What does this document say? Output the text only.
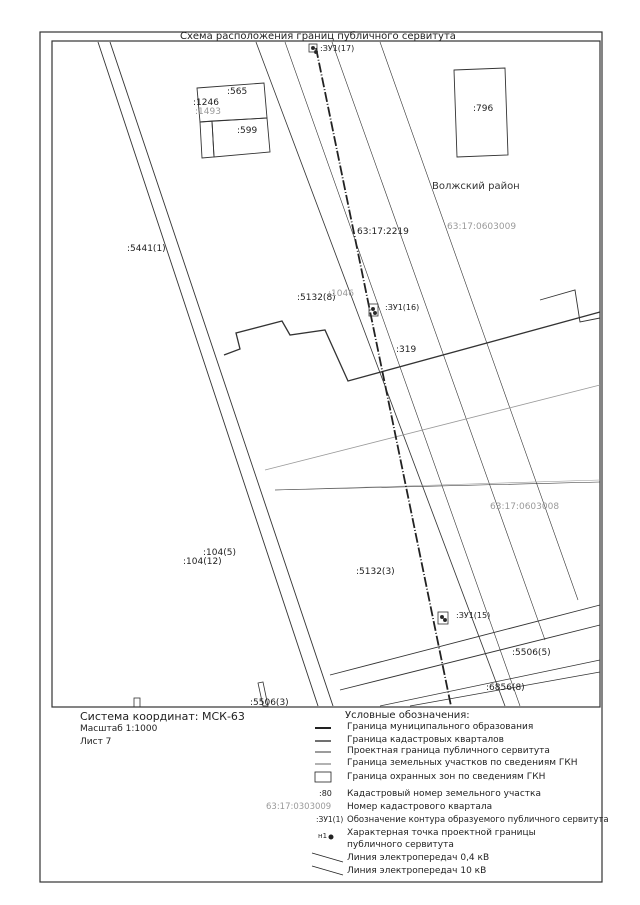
Схема расположения границ публичного сервитута
Волжский район
63:17:0603009
63:17:0603008
:565
:1246
:1493
:599
:796
:5441(1)
63:17:2219
:5132(8)
:1046
:319
:104(5)
:104(12)
:5132(3)
:5506(5)
:6856(8)
:5506(3)
:ЗУ1(17)
:ЗУ1(16)
:ЗУ1(15)
Система координат: МСК-63
Масштаб 1:1000
Лист 7
Условные обозначения:
Граница муниципального образования
Граница кадастровых кварталов
Проектная граница публичного сервитута
Граница земельных участков по сведениям ГКН
Граница охранных зон по сведениям ГКН
:80 Кадастровый номер земельного участка
63:17:0303009 Номер кадастрового квартала
:ЗУ1(1) Обозначение контура образуемого публичного сервитута
н1 Характерная точка проектной границы публичного сервитута
Линия электропередач 0,4 кВ
Линия электропередач 10 кВ
